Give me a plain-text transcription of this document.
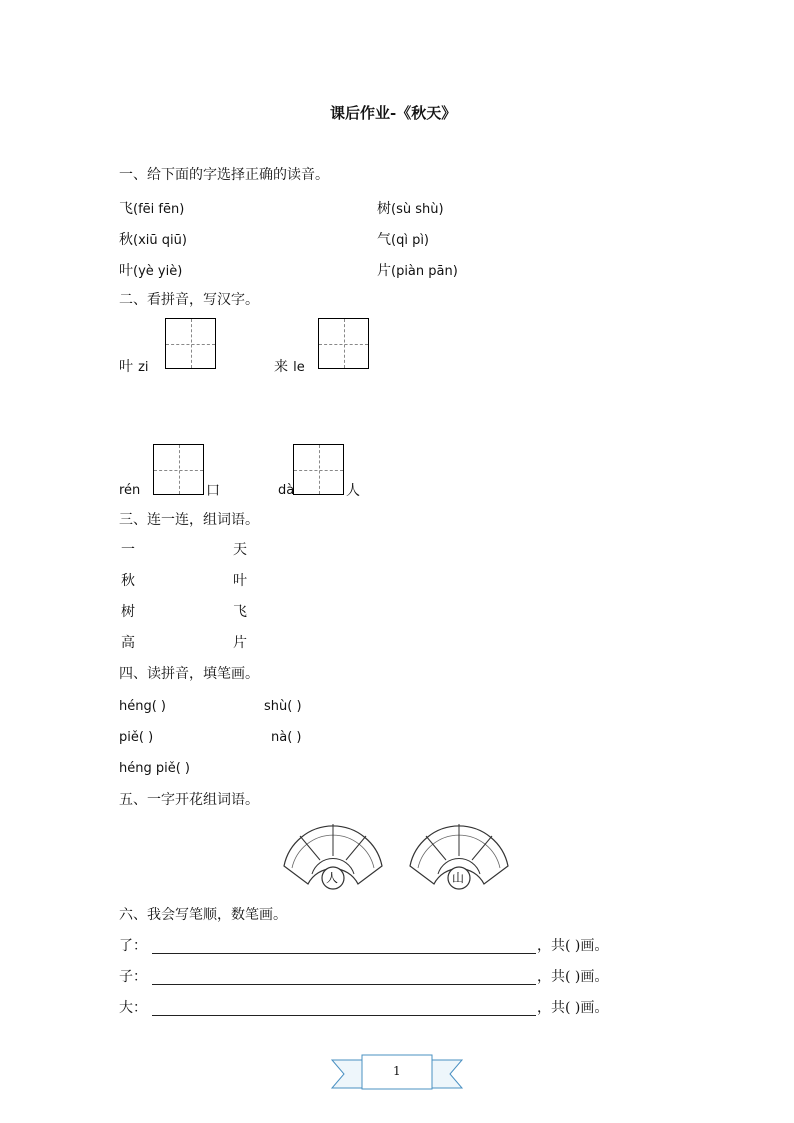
课后作业-《秋天》
一、给下面的字选择正确的读音。
飞(fēi fēn)	树(sù shù)
秋(xiū qiū)	气(qì pì)
叶(yè yiè)	片(piàn pān)
二、看拼音，写汉字。
叶 zi	来 le
rén	口	dà	人
三、连一连，组词语。
一	天
秋	叶
树	飞
高	片
四、读拼音，填笔画。
héng( )	shù( )
piě( )	nà( )
héng piě( )
五、一字开花组词语。
人	山
六、我会写笔顺，数笔画。
了：	，共( )画。
子：	，共( )画。
大：	，共( )画。
1
